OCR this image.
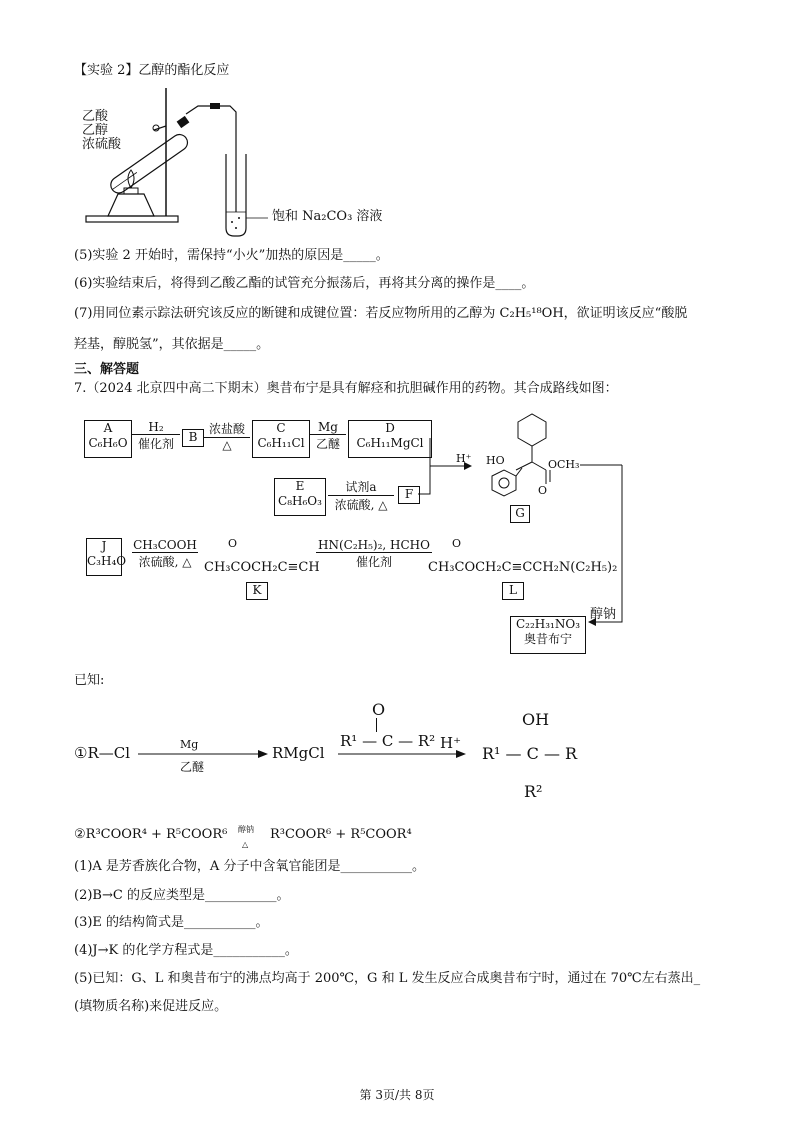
【实验 2】乙醇的酯化反应
乙酸
乙醇
浓硫酸
饱和 Na₂CO₃ 溶液
(5)实验 2 开始时，需保持“小火”加热的原因是_____。
(6)实验结束后，将得到乙酸乙酯的试管充分振荡后，再将其分离的操作是____。
(7)用同位素示踪法研究该反应的断键和成键位置：若反应物所用的乙醇为 C₂H₅¹⁸OH，欲证明该反应“酸脱
羟基，醇脱氢”，其依据是_____。
三、解答题
7.（2024 北京四中高二下期末）奥昔布宁是具有解痉和抗胆碱作用的药物。其合成路线如图：
A
C₆H₆O
H₂
催化剂	B
浓盐酸
△
C
C₆H₁₁Cl
Mg
乙醚
D
C₆H₁₁MgCl
E
C₈H₆O₃
试剂a
浓硫酸, △
F
H⁺ HO
O
OCH₃
G
J
C₃H₄O
CH₃COOH
浓硫酸, △
O
CH₃COCH₂C≡CH
K
HN(C₂H₅)₂, HCHO
催化剂
O
CH₃COCH₂C≡CCH₂N(C₂H₅)₂
L
醇钠
C₂₂H₃₁NO₃
奥昔布宁
已知:
①R—Cl	Mg
乙醚
RMgCl
O
R¹ — C — R² H⁺
OH
R¹ — C — R
R²
②R³COOR⁴ + R⁵COOR⁶ 醇钠
△
R³COOR⁶ + R⁵COOR⁴
(1)A 是芳香族化合物，A 分子中含氧官能团是___________。
(2)B→C 的反应类型是___________。
(3)E 的结构简式是___________。
(4)J→K 的化学方程式是___________。
(5)已知：G、L 和奥昔布宁的沸点均高于 200℃，G 和 L 发生反应合成奥昔布宁时，通过在 70℃左右蒸出_
(填物质名称)来促进反应。
第 3页/共 8页
